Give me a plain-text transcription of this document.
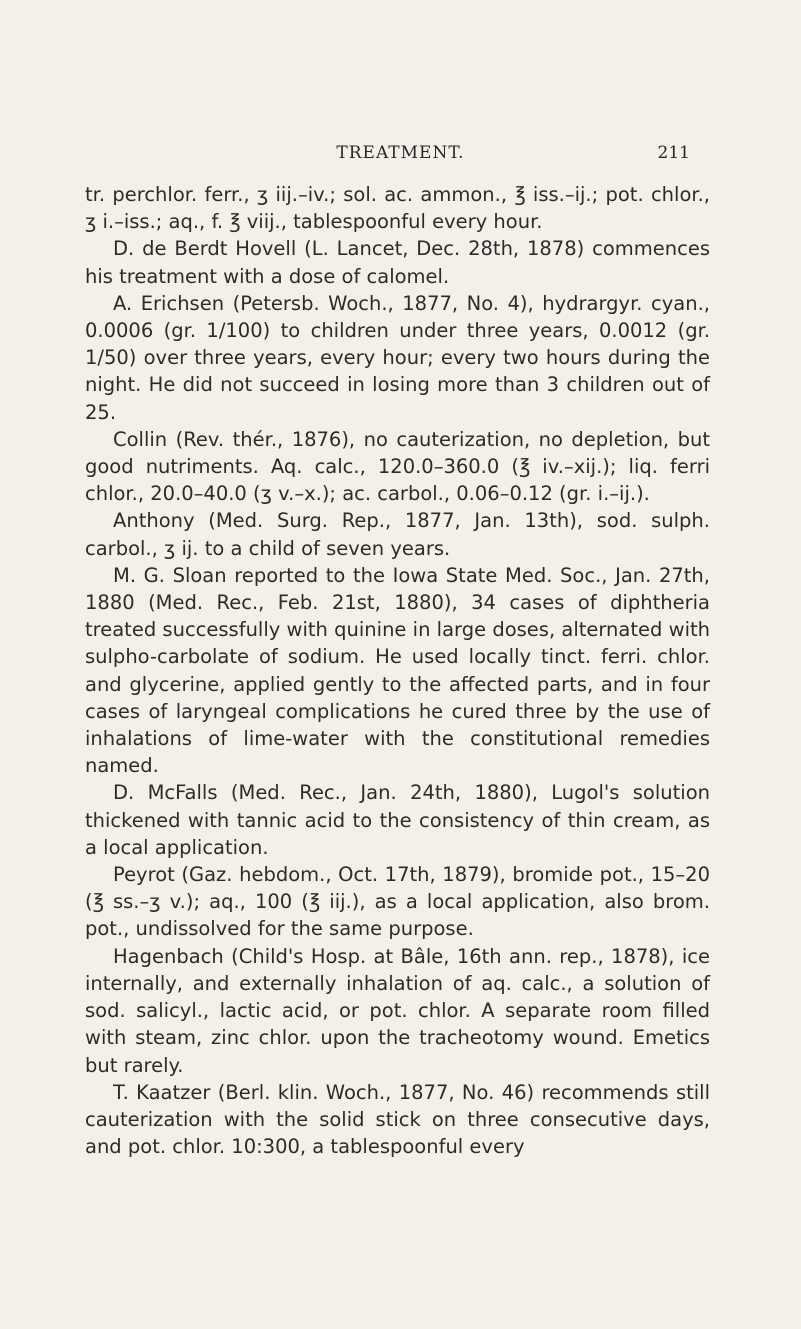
TREATMENT.	211

tr. perchlor. ferr., ʒ iij.–iv.; sol. ac. ammon., ℥ iss.–ij.; pot. chlor., ʒ i.–iss.; aq., f. ℥ viij., tablespoonful every hour.

D. de Berdt Hovell (L. Lancet, Dec. 28th, 1878) commences his treatment with a dose of calomel.

A. Erichsen (Petersb. Woch., 1877, No. 4), hydrargyr. cyan., 0.0006 (gr. 1/100) to children under three years, 0.0012 (gr. 1/50) over three years, every hour; every two hours during the night. He did not succeed in losing more than 3 children out of 25.

Collin (Rev. thér., 1876), no cauterization, no depletion, but good nutriments. Aq. calc., 120.0–360.0 (℥ iv.–xij.); liq. ferri chlor., 20.0–40.0 (ʒ v.–x.); ac. carbol., 0.06–0.12 (gr. i.–ij.).

Anthony (Med. Surg. Rep., 1877, Jan. 13th), sod. sulph. carbol., ʒ ij. to a child of seven years.

M. G. Sloan reported to the Iowa State Med. Soc., Jan. 27th, 1880 (Med. Rec., Feb. 21st, 1880), 34 cases of diphtheria treated successfully with quinine in large doses, alternated with sulpho-carbolate of sodium. He used locally tinct. ferri. chlor. and glycerine, applied gently to the affected parts, and in four cases of laryngeal complications he cured three by the use of inhalations of lime-water with the constitutional remedies named.

D. McFalls (Med. Rec., Jan. 24th, 1880), Lugol's solution thickened with tannic acid to the consistency of thin cream, as a local application.

Peyrot (Gaz. hebdom., Oct. 17th, 1879), bromide pot., 15–20 (℥ ss.–ʒ v.); aq., 100 (℥ iij.), as a local application, also brom. pot., undissolved for the same purpose.

Hagenbach (Child's Hosp. at Bâle, 16th ann. rep., 1878), ice internally, and externally inhalation of aq. calc., a solution of sod. salicyl., lactic acid, or pot. chlor. A separate room filled with steam, zinc chlor. upon the tracheotomy wound. Emetics but rarely.

T. Kaatzer (Berl. klin. Woch., 1877, No. 46) recommends still cauterization with the solid stick on three consecutive days, and pot. chlor. 10:300, a tablespoonful every
